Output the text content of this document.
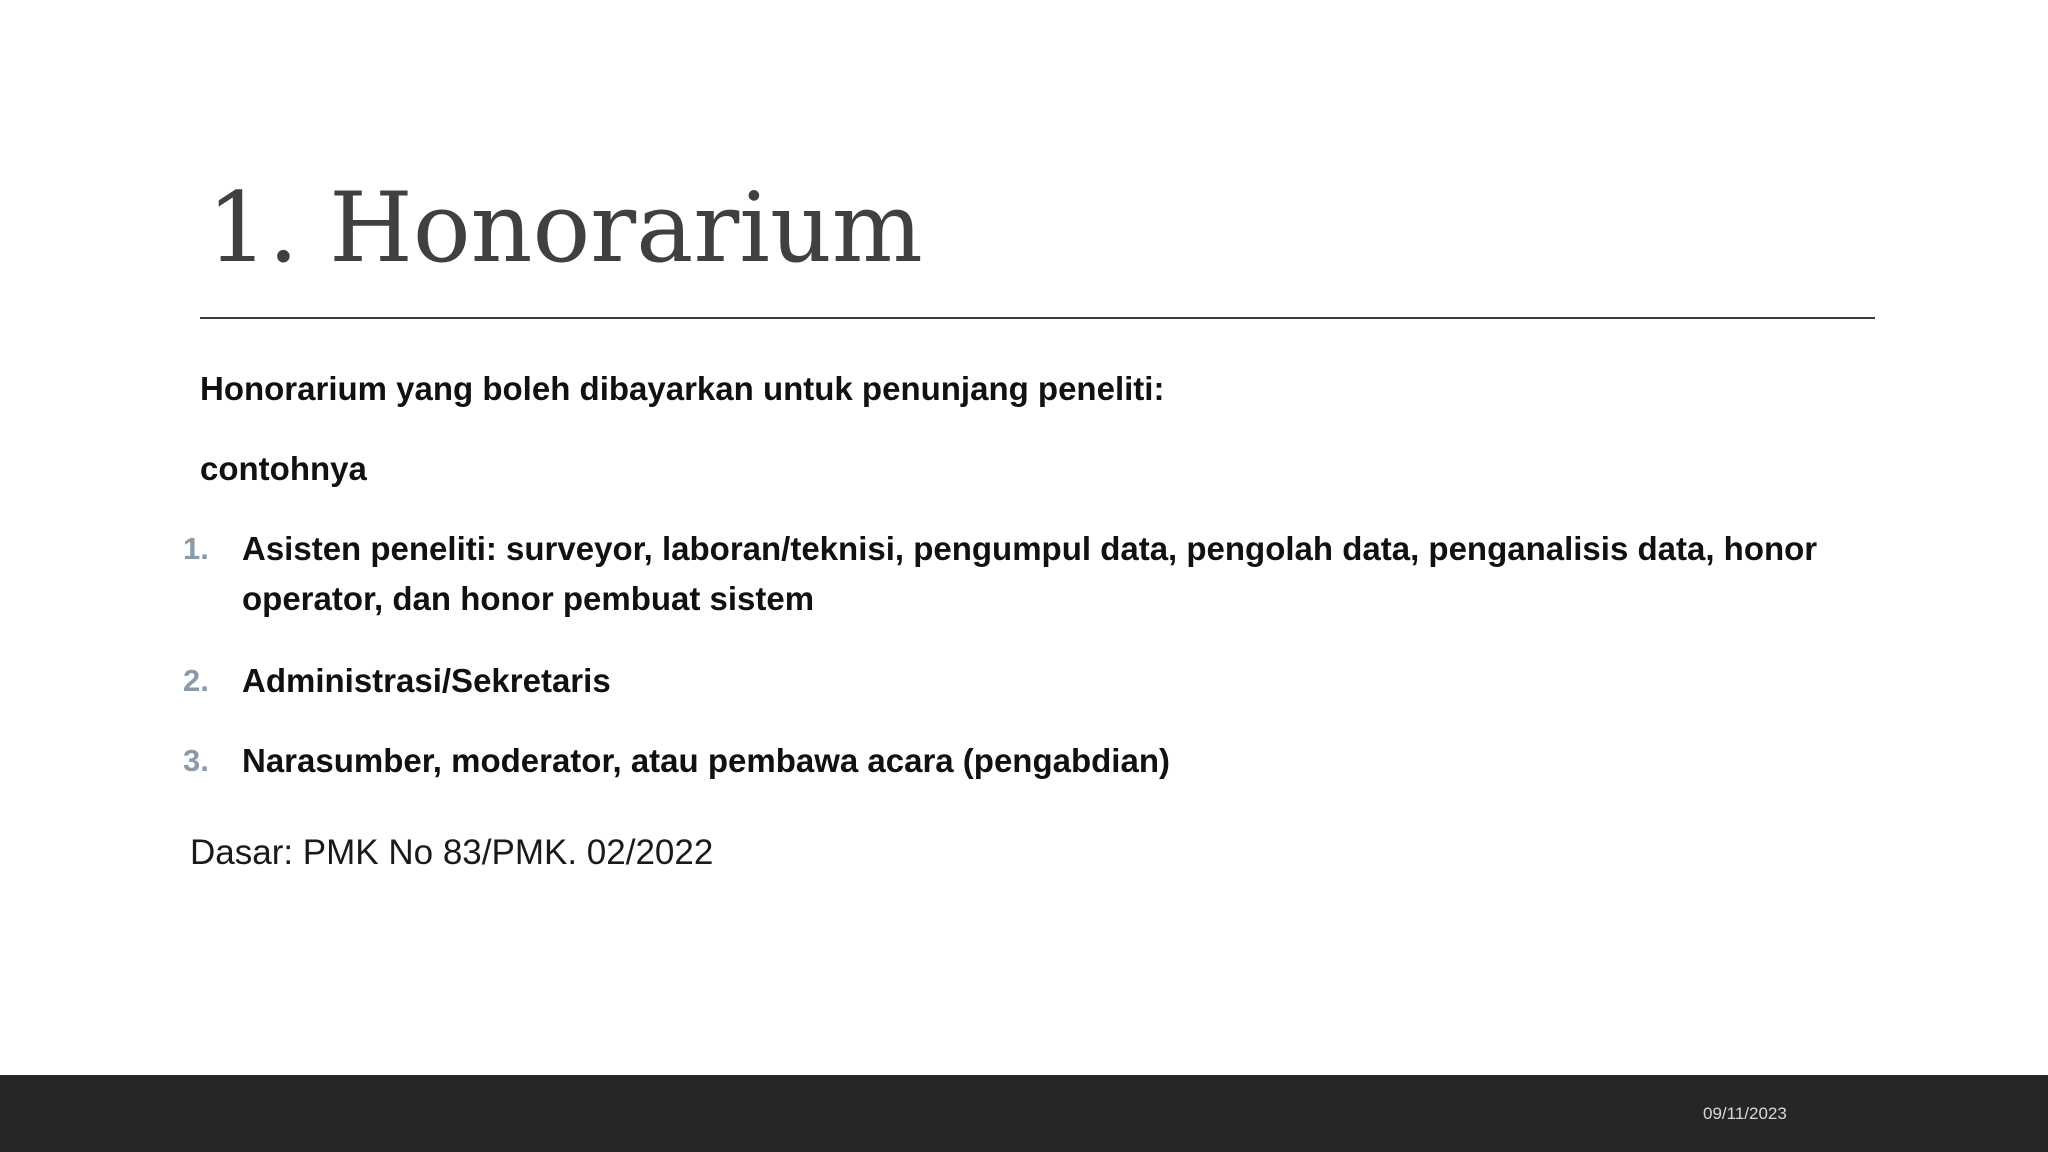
1. Honorarium

Honorarium yang boleh dibayarkan untuk penunjang peneliti:

contohnya

1.	Asisten peneliti: surveyor, laboran/teknisi, pengumpul data, pengolah data, penganalisis data, honor operator, dan honor pembuat sistem
2.	Administrasi/Sekretaris
3.	Narasumber, moderator, atau pembawa acara (pengabdian)

Dasar: PMK No 83/PMK. 02/2022

09/11/2023
